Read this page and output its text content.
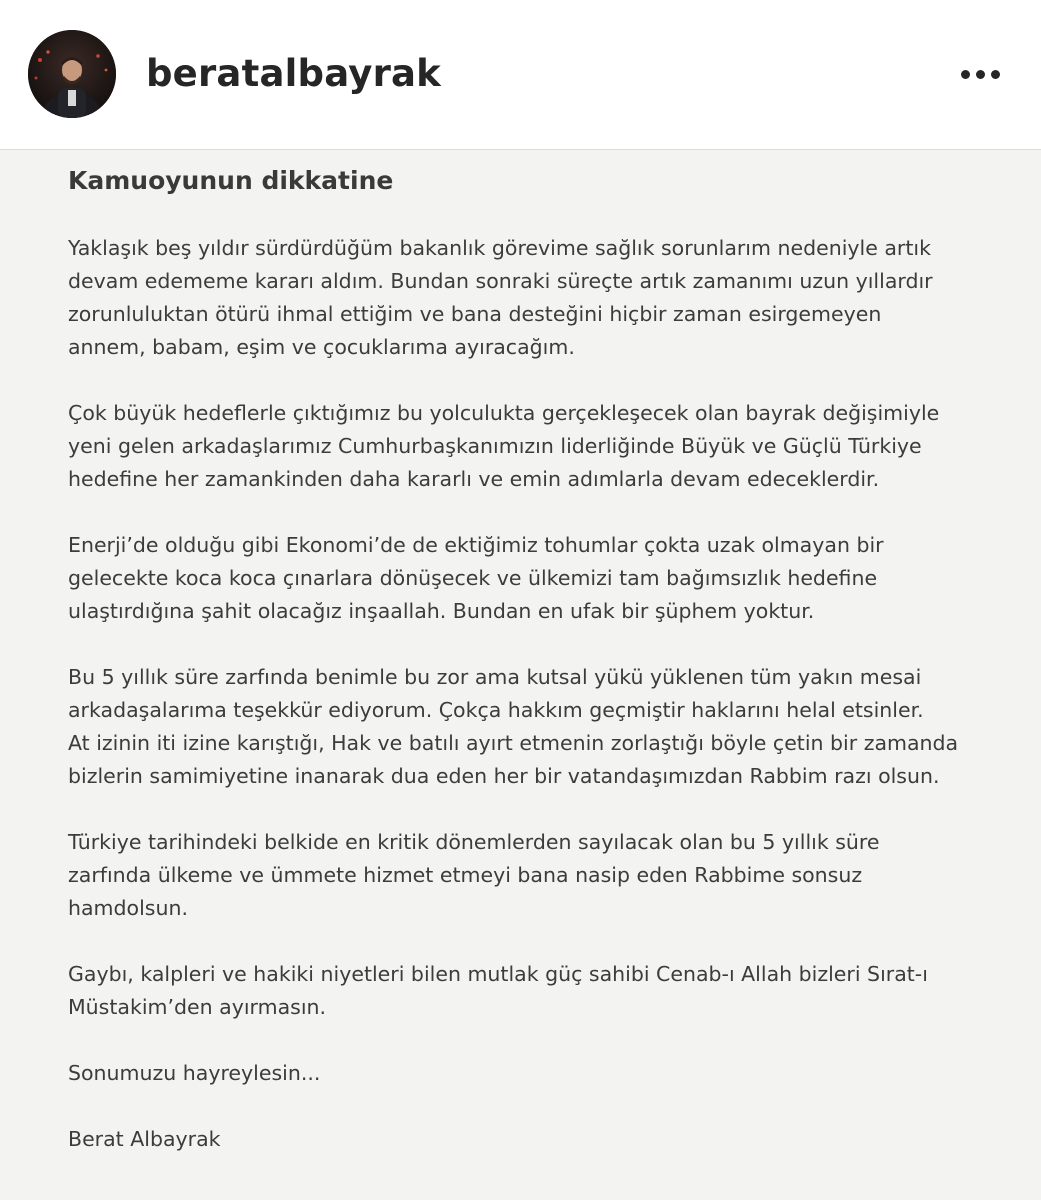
beratalbayrak
Kamuoyunun dikkatine

Yaklaşık beş yıldır sürdürdüğüm bakanlık görevime sağlık sorunlarım nedeniyle artık
devam edememe kararı aldım. Bundan sonraki süreçte artık zamanımı uzun yıllardır
zorunluluktan ötürü ihmal ettiğim ve bana desteğini hiçbir zaman esirgemeyen
annem, babam, eşim ve çocuklarıma ayıracağım.

Çok büyük hedeflerle çıktığımız bu yolculukta gerçekleşecek olan bayrak değişimiyle
yeni gelen arkadaşlarımız Cumhurbaşkanımızın liderliğinde Büyük ve Güçlü Türkiye
hedefine her zamankinden daha kararlı ve emin adımlarla devam edeceklerdir.

Enerji’de olduğu gibi Ekonomi’de de ektiğimiz tohumlar çokta uzak olmayan bir
gelecekte koca koca çınarlara dönüşecek ve ülkemizi tam bağımsızlık hedefine
ulaştırdığına şahit olacağız inşaallah. Bundan en ufak bir şüphem yoktur.

Bu 5 yıllık süre zarfında benimle bu zor ama kutsal yükü yüklenen tüm yakın mesai
arkadaşalarıma teşekkür ediyorum. Çokça hakkım geçmiştir haklarını helal etsinler.
At izinin iti izine karıştığı, Hak ve batılı ayırt etmenin zorlaştığı böyle çetin bir zamanda
bizlerin samimiyetine inanarak dua eden her bir vatandaşımızdan Rabbim razı olsun.

Türkiye tarihindeki belkide en kritik dönemlerden sayılacak olan bu 5 yıllık süre
zarfında ülkeme ve ümmete hizmet etmeyi bana nasip eden Rabbime sonsuz
hamdolsun.

Gaybı, kalpleri ve hakiki niyetleri bilen mutlak güç sahibi Cenab-ı Allah bizleri Sırat-ı
Müstakim’den ayırmasın.

Sonumuzu hayreylesin...

Berat Albayrak
